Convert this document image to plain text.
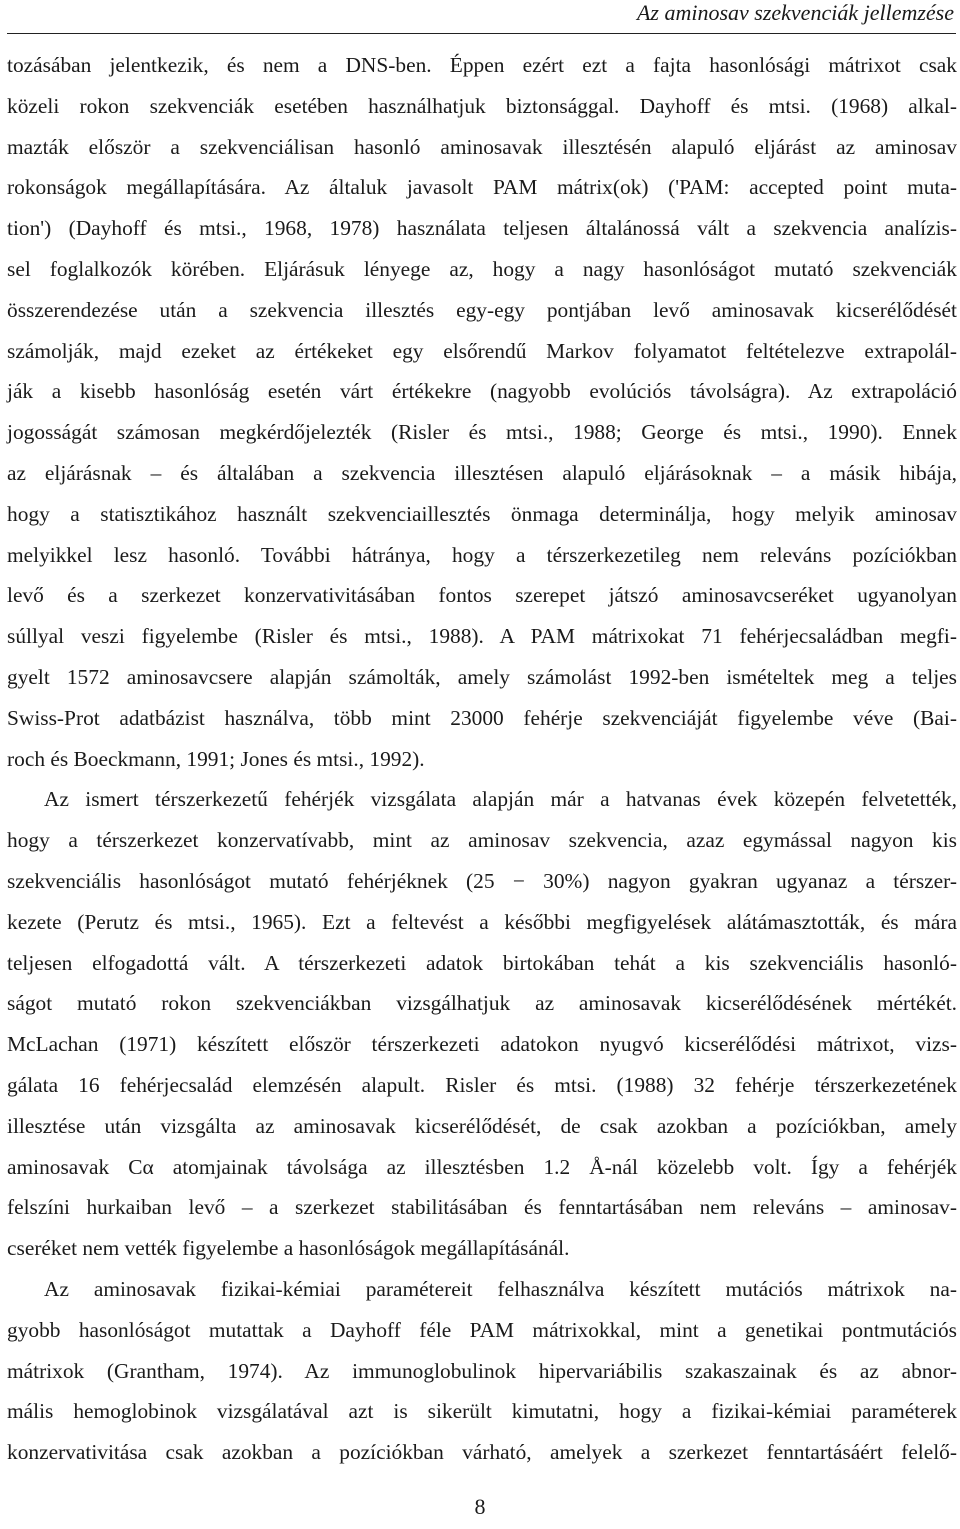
Az aminosav szekvenciák jellemzése
tozásában jelentkezik, és nem a DNS-ben. Éppen ezért ezt a fajta hasonlósági mátrixot csak
közeli rokon szekvenciák esetében használhatjuk biztonsággal. Dayhoff és mtsi. (1968) alkal-
mazták először a szekvenciálisan hasonló aminosavak illesztésén alapuló eljárást az aminosav
rokonságok megállapítására. Az általuk javasolt PAM mátrix(ok) ('PAM: accepted point muta-
tion') (Dayhoff és mtsi., 1968, 1978) használata teljesen általánossá vált a szekvencia analízis-
sel foglalkozók körében. Eljárásuk lényege az, hogy a nagy hasonlóságot mutató szekvenciák
összerendezése után a szekvencia illesztés egy-egy pontjában levő aminosavak kicserélődését
számolják, majd ezeket az értékeket egy elsőrendű Markov folyamatot feltételezve extrapolál-
ják a kisebb hasonlóság esetén várt értékekre (nagyobb evolúciós távolságra). Az extrapoláció
jogosságát számosan megkérdőjelezték (Risler és mtsi., 1988; George és mtsi., 1990). Ennek
az eljárásnak – és általában a szekvencia illesztésen alapuló eljárásoknak – a másik hibája,
hogy a statisztikához használt szekvenciaillesztés önmaga determinálja, hogy melyik aminosav
melyikkel lesz hasonló. További hátránya, hogy a térszerkezetileg nem releváns pozíciókban
levő és a szerkezet konzervativitásában fontos szerepet játszó aminosavcseréket ugyanolyan
súllyal veszi figyelembe (Risler és mtsi., 1988). A PAM mátrixokat 71 fehérjecsaládban megfi-
gyelt 1572 aminosavcsere alapján számolták, amely számolást 1992-ben ismételtek meg a teljes
Swiss-Prot adatbázist használva, több mint 23000 fehérje szekvenciáját figyelembe véve (Bai-
roch és Boeckmann, 1991; Jones és mtsi., 1992).
Az ismert térszerkezetű fehérjék vizsgálata alapján már a hatvanas évek közepén felvetették,
hogy a térszerkezet konzervatívabb, mint az aminosav szekvencia, azaz egymással nagyon kis
szekvenciális hasonlóságot mutató fehérjéknek (25 − 30%) nagyon gyakran ugyanaz a térszer-
kezete (Perutz és mtsi., 1965). Ezt a feltevést a későbbi megfigyelések alátámasztották, és mára
teljesen elfogadottá vált. A térszerkezeti adatok birtokában tehát a kis szekvenciális hasonló-
ságot mutató rokon szekvenciákban vizsgálhatjuk az aminosavak kicserélődésének mértékét.
McLachan (1971) készített először térszerkezeti adatokon nyugvó kicserélődési mátrixot, vizs-
gálata 16 fehérjecsalád elemzésén alapult. Risler és mtsi. (1988) 32 fehérje térszerkezetének
illesztése után vizsgálta az aminosavak kicserélődését, de csak azokban a pozíciókban, amely
aminosavak Cα atomjainak távolsága az illesztésben 1.2 Å-nál közelebb volt. Így a fehérjék
felszíni hurkaiban levő – a szerkezet stabilitásában és fenntartásában nem releváns – aminosav-
cseréket nem vették figyelembe a hasonlóságok megállapításánál.
Az aminosavak fizikai-kémiai paramétereit felhasználva készített mutációs mátrixok na-
gyobb hasonlóságot mutattak a Dayhoff féle PAM mátrixokkal, mint a genetikai pontmutációs
mátrixok (Grantham, 1974). Az immunoglobulinok hipervariábilis szakaszainak és az abnor-
mális hemoglobinok vizsgálatával azt is sikerült kimutatni, hogy a fizikai-kémiai paraméterek
konzervativitása csak azokban a pozíciókban várható, amelyek a szerkezet fenntartásáért felelő-
8
